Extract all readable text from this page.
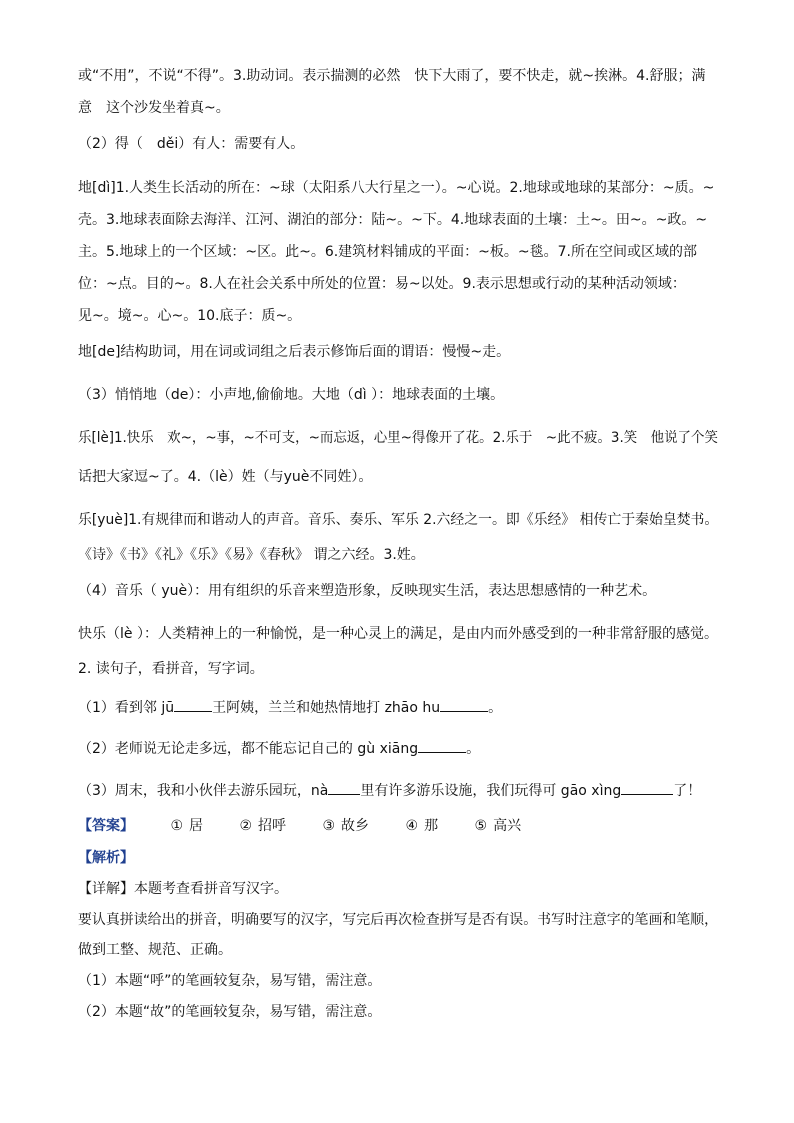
或“不用”，不说“不得”。3.助动词。表示揣测的必然　快下大雨了，要不快走，就~挨淋。4.舒服；满
意　这个沙发坐着真~。
（2）得（　děi）有人：需要有人。
地[dì]1.人类生长活动的所在：~球（太阳系八大行星之一）。~心说。2.地球或地球的某部分：~质。~
壳。3.地球表面除去海洋、江河、湖泊的部分：陆~。~下。4.地球表面的土壤：土~。田~。~政。~
主。5.地球上的一个区域：~区。此~。6.建筑材料铺成的平面：~板。~毯。7.所在空间或区域的部
位：~点。目的~。8.人在社会关系中所处的位置：易~以处。9.表示思想或行动的某种活动领域：
见~。境~。心~。10.底子：质~。
地[de]结构助词，用在词或词组之后表示修饰后面的谓语：慢慢~走。
（3）悄悄地（de）：小声地,偷偷地。大地（dì ）：地球表面的土壤。
乐[lè]1.快乐　欢~，~事，~不可支，~而忘返，心里~得像开了花。2.乐于　~此不疲。3.笑　他说了个笑
话把大家逗~了。4.（lè）姓（与yuè不同姓）。
乐[yuè]1.有规律而和谐动人的声音。音乐、奏乐、军乐 2.六经之一。即《乐经》 相传亡于秦始皇焚书。
《诗》《书》《礼》《乐》《易》《春秋》 谓之六经。3.姓。
（4）音乐（ yuè）：用有组织的乐音来塑造形象，反映现实生活，表达思想感情的一种艺术。
快乐（lè ）：人类精神上的一种愉悦，是一种心灵上的满足，是由内而外感受到的一种非常舒服的感觉。
2. 读句子，看拼音，写字词。
（1）看到邻 jū	王阿姨，兰兰和她热情地打 zhāo hu	。
（2）老师说无论走多远，都不能忘记自己的 gù xiāng	。
（3）周末，我和小伙伴去游乐园玩，nà 里有许多游乐设施，我们玩得可 gāo xìng	了！
【答案】	① 居	② 招呼	③ 故乡	④ 那	⑤ 高兴
【解析】
【详解】本题考查看拼音写汉字。
要认真拼读给出的拼音，明确要写的汉字，写完后再次检查拼写是否有误。书写时注意字的笔画和笔顺，
做到工整、规范、正确。
（1）本题“呼”的笔画较复杂，易写错，需注意。
（2）本题“故”的笔画较复杂，易写错，需注意。
